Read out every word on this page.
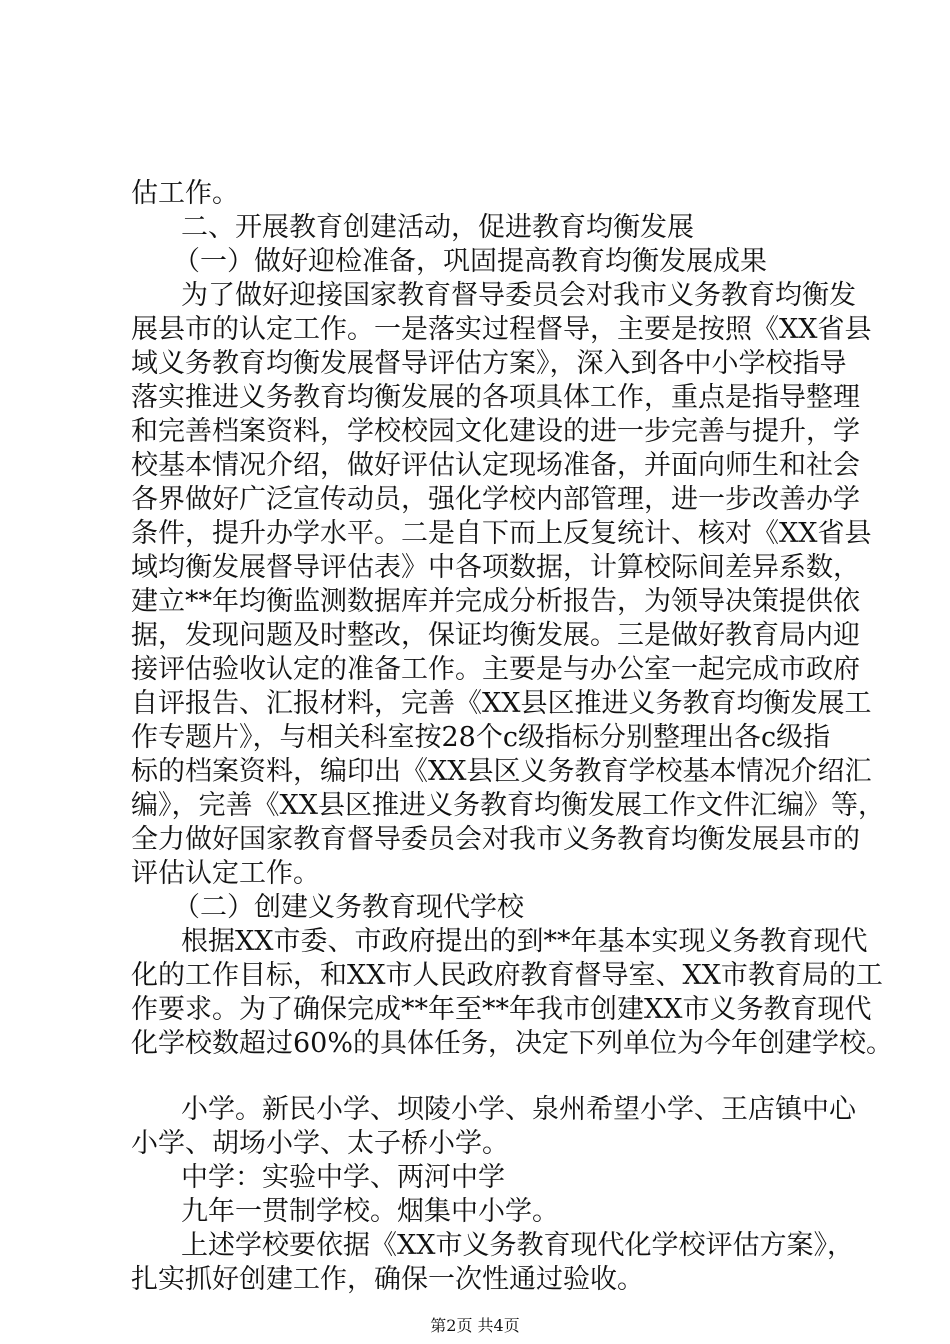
估工作。
二、开展教育创建活动，促进教育均衡发展
（一）做好迎检准备，巩固提高教育均衡发展成果
为了做好迎接国家教育督导委员会对我市义务教育均衡发
展县市的认定工作。一是落实过程督导，主要是按照《XX省县
域义务教育均衡发展督导评估方案》，深入到各中小学校指导
落实推进义务教育均衡发展的各项具体工作，重点是指导整理
和完善档案资料，学校校园文化建设的进一步完善与提升，学
校基本情况介绍，做好评估认定现场准备，并面向师生和社会
各界做好广泛宣传动员，强化学校内部管理，进一步改善办学
条件，提升办学水平。二是自下而上反复统计、核对《XX省县
域均衡发展督导评估表》中各项数据，计算校际间差异系数，
建立**年均衡监测数据库并完成分析报告，为领导决策提供依
据，发现问题及时整改，保证均衡发展。三是做好教育局内迎
接评估验收认定的准备工作。主要是与办公室一起完成市政府
自评报告、汇报材料，完善《XX县区推进义务教育均衡发展工
作专题片》，与相关科室按28个c级指标分别整理出各c级指
标的档案资料，编印出《XX县区义务教育学校基本情况介绍汇
编》，完善《XX县区推进义务教育均衡发展工作文件汇编》等，
全力做好国家教育督导委员会对我市义务教育均衡发展县市的
评估认定工作。
（二）创建义务教育现代学校
根据XX市委、市政府提出的到**年基本实现义务教育现代
化的工作目标，和XX市人民政府教育督导室、XX市教育局的工
作要求。为了确保完成**年至**年我市创建XX市义务教育现代
化学校数超过60%的具体任务，决定下列单位为今年创建学校。
小学。新民小学、坝陵小学、泉州希望小学、王店镇中心
小学、胡场小学、太子桥小学。
中学：实验中学、两河中学
九年一贯制学校。烟集中小学。
上述学校要依据《XX市义务教育现代化学校评估方案》，
扎实抓好创建工作，确保一次性通过验收。
第2页 共4页
